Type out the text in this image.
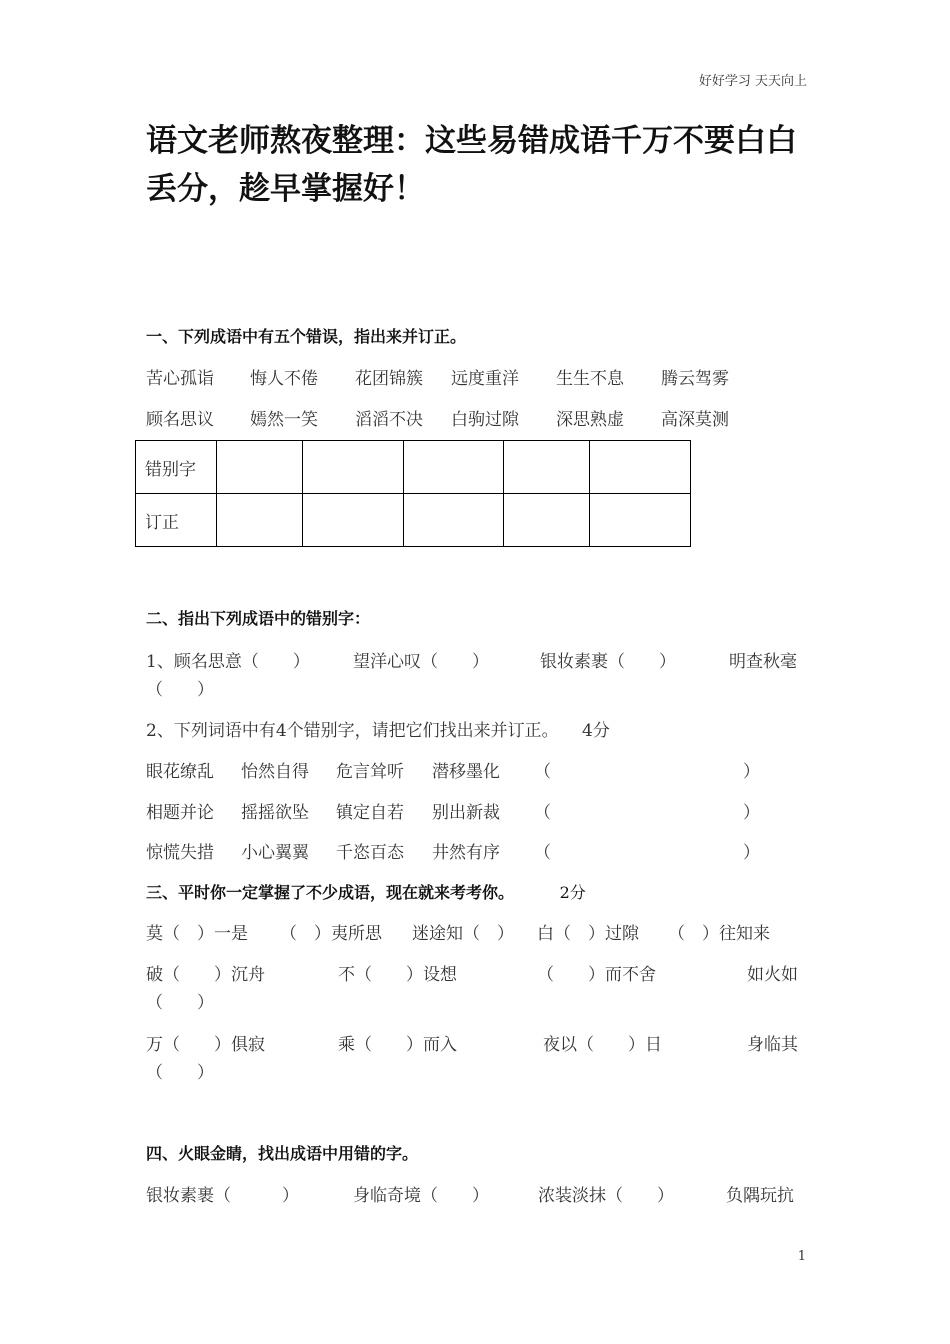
好好学习 天天向上
语文老师熬夜整理：这些易错成语千万不要白白丢分，趁早掌握好！
一、下列成语中有五个错误，指出来并订正。
苦心孤诣 悔人不倦 花团锦簇 远度重洋 生生不息 腾云驾雾
顾名思议 嫣然一笑 滔滔不决 白驹过隙 深思熟虚 高深莫测
错别字					
订正					
二、指出下列成语中的错别字：
1、顾名思意（　　）	望洋心叹（　　）	银妆素裹（　　）	明查秋毫
（　　）
2、下列词语中有4个错别字，请把它们找出来并订正。 4分
眼花缭乱 怡然自得 危言耸听 潜移墨化 （	）
相题并论 摇摇欲坠 镇定自若 别出新裁 （	）
惊慌失措 小心翼翼 千恣百态 井然有序 （	）
三、平时你一定掌握了不少成语，现在就来考考你。	2分
莫（　）一是 （　）夷所思 迷途知（　） 白（　）过隙 （　）往知来
破（　　）沉舟	不（　　）设想	（　　）而不舍	如火如
（　　）
万（　　）俱寂	乘（　　）而入	夜以（　　）日	身临其
（　　）
四、火眼金睛，找出成语中用错的字。
银妆素裹（　　　）	身临奇境（　　）	浓装淡抹（　　）	负隅玩抗
1
